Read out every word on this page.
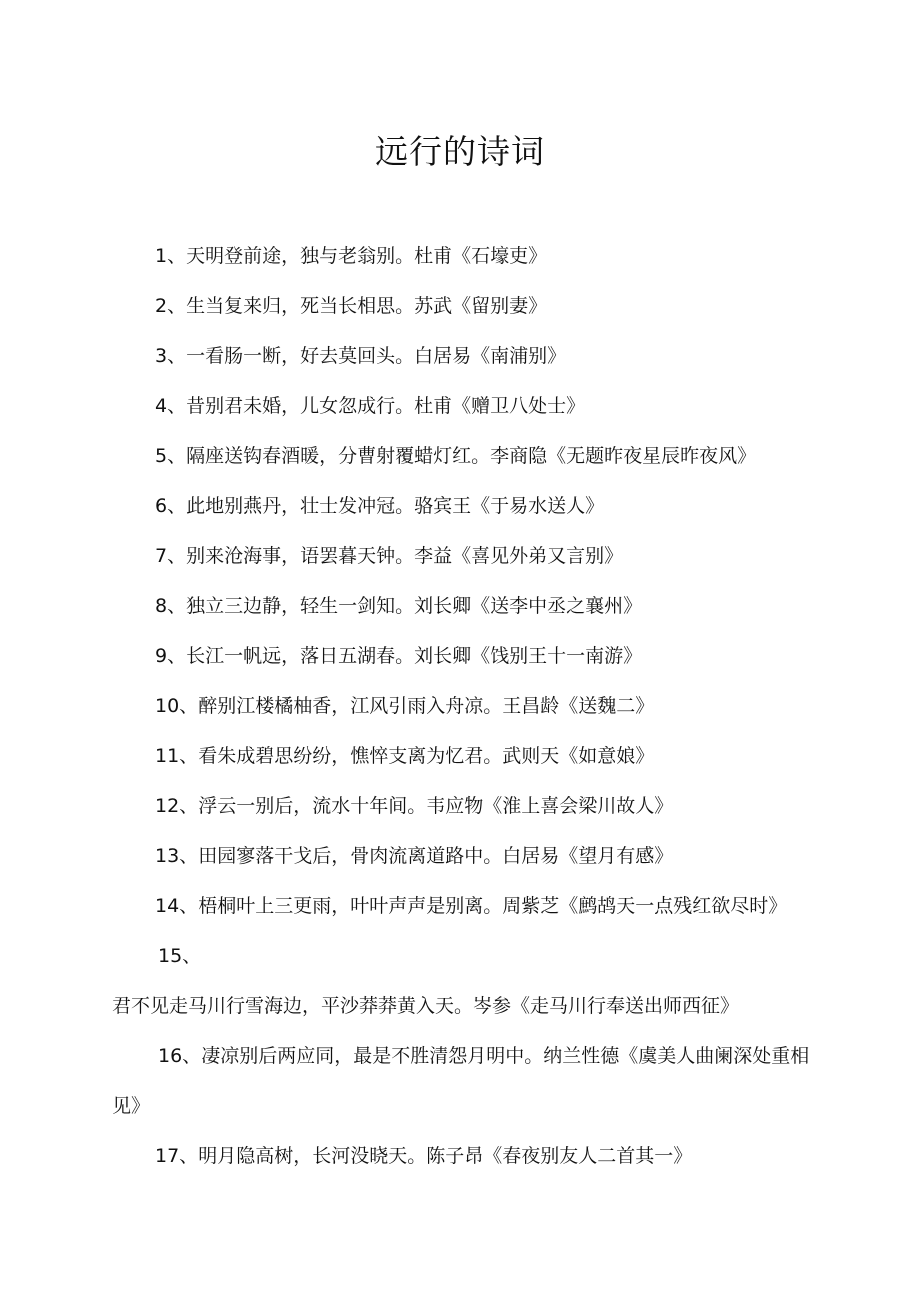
远行的诗词
1、天明登前途，独与老翁别。杜甫《石壕吏》
2、生当复来归，死当长相思。苏武《留别妻》
3、一看肠一断，好去莫回头。白居易《南浦别》
4、昔别君未婚，儿女忽成行。杜甫《赠卫八处士》
5、隔座送钩春酒暖，分曹射覆蜡灯红。李商隐《无题昨夜星辰昨夜风》
6、此地别燕丹，壮士发冲冠。骆宾王《于易水送人》
7、别来沧海事，语罢暮天钟。李益《喜见外弟又言别》
8、独立三边静，轻生一剑知。刘长卿《送李中丞之襄州》
9、长江一帆远，落日五湖春。刘长卿《饯别王十一南游》
10、醉别江楼橘柚香，江风引雨入舟凉。王昌龄《送魏二》
11、看朱成碧思纷纷，憔悴支离为忆君。武则天《如意娘》
12、浮云一别后，流水十年间。韦应物《淮上喜会梁川故人》
13、田园寥落干戈后，骨肉流离道路中。白居易《望月有感》
14、梧桐叶上三更雨，叶叶声声是别离。周紫芝《鹧鸪天一点残红欲尽时》
15、君不见走马川行雪海边，平沙莽莽黄入天。岑参《走马川行奉送出师西征》
16、凄凉别后两应同，最是不胜清怨月明中。纳兰性德《虞美人曲阑深处重相见》
17、明月隐高树，长河没晓天。陈子昂《春夜别友人二首其一》
